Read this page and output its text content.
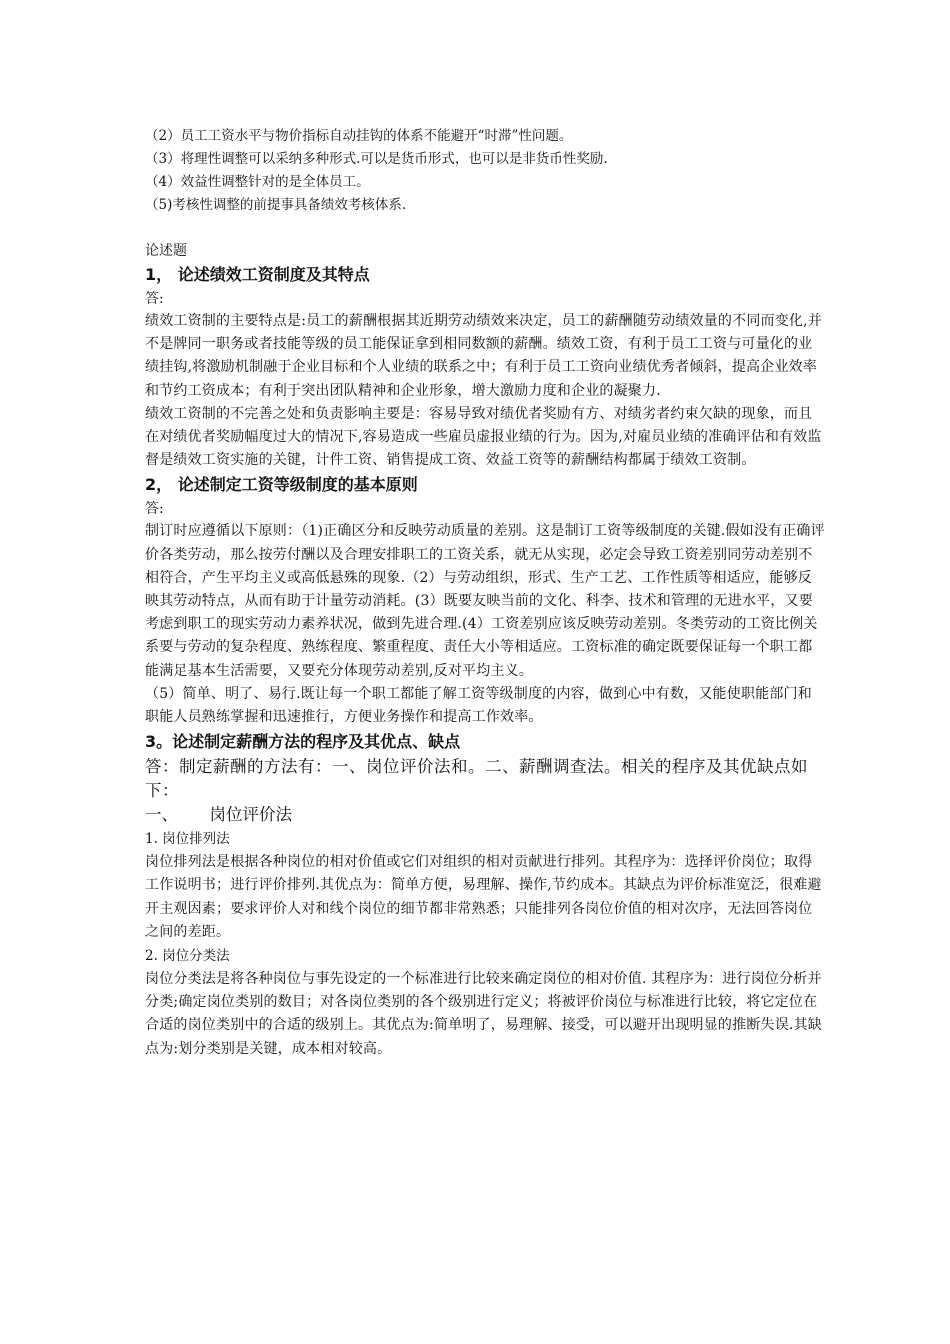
（2）员工工资水平与物价指标自动挂钩的体系不能避开“时滞”性问题。

（3）将理性调整可以采纳多种形式.可以是货币形式，也可以是非货币性奖励.

（4）效益性调整针对的是全体员工。

（5)考核性调整的前提事具备绩效考核体系.

论述题

1， 论述绩效工资制度及其特点

答:

绩效工资制的主要特点是:员工的薪酬根据其近期劳动绩效来决定，员工的薪酬随劳动绩效量的不同而变化,并不是牌同一职务或者技能等级的员工能保证拿到相同数额的薪酬。绩效工资，有利于员工工资与可量化的业绩挂钩,将激励机制融于企业目标和个人业绩的联系之中；有利于员工工资向业绩优秀者倾斜，提高企业效率和节约工资成本；有利于突出团队精神和企业形象，增大激励力度和企业的凝聚力.

绩效工资制的不完善之处和负责影响主要是：容易导致对绩优者奖励有方、对绩劣者约束欠缺的现象，而且在对绩优者奖励幅度过大的情况下,容易造成一些雇员虚报业绩的行为。因为,对雇员业绩的准确评估和有效监督是绩效工资实施的关键，计件工资、销售提成工资、效益工资等的薪酬结构都属于绩效工资制。

2， 论述制定工资等级制度的基本原则

答:

制订时应遵循以下原则：（1)正确区分和反映劳动质量的差别。这是制订工资等级制度的关键.假如没有正确评价各类劳动，那么按劳付酬以及合理安排职工的工资关系，就无从实现，必定会导致工资差别同劳动差别不相符合，产生平均主义或高低悬殊的现象.（2）与劳动组织，形式、生产工艺、工作性质等相适应，能够反映其劳动特点，从而有助于计量劳动消耗。(3）既要友映当前的文化、科李、技术和管理的无进水平，又要考虑到职工的现实劳动力素养状况，做到先进合理.(4）工资差别应该反映劳动差别。冬类劳动的工资比例关系要与劳动的复杂程度、熟练程度、繁重程度、责任大小等相适应。工资标准的确定既要保证每一个职工都能满足基本生活需要，又要充分体现劳动差别,反对平均主义。

（5）简单、明了、易行.既让每一个职工都能了解工资等级制度的内容，做到心中有数，又能使职能部门和职能人员熟练掌握和迅速推行，方便业务操作和提高工作效率。

3。论述制定薪酬方法的程序及其优点、缺点

答：制定薪酬的方法有：一、岗位评价法和。二、薪酬调查法。相关的程序及其优缺点如下：

一、      岗位评价法

1. 岗位排列法

岗位排列法是根据各种岗位的相对价值或它们对组织的相对贡献进行排列。其程序为：选择评价岗位；取得工作说明书；进行评价排列.其优点为：简单方便，易理解、操作,节约成本。其缺点为评价标准宽泛，很难避开主观因素；要求评价人对和线个岗位的细节都非常熟悉；只能排列各岗位价值的相对次序，无法回答岗位之间的差距。

2. 岗位分类法

岗位分类法是将各种岗位与事先设定的一个标准进行比较来确定岗位的相对价值. 其程序为：进行岗位分析并分类;确定岗位类别的数目；对各岗位类别的各个级别进行定义；将被评价岗位与标准进行比较，将它定位在合适的岗位类别中的合适的级别上。其优点为:简单明了，易理解、接受，可以避开出现明显的推断失误.其缺点为:划分类别是关键，成本相对较高。
